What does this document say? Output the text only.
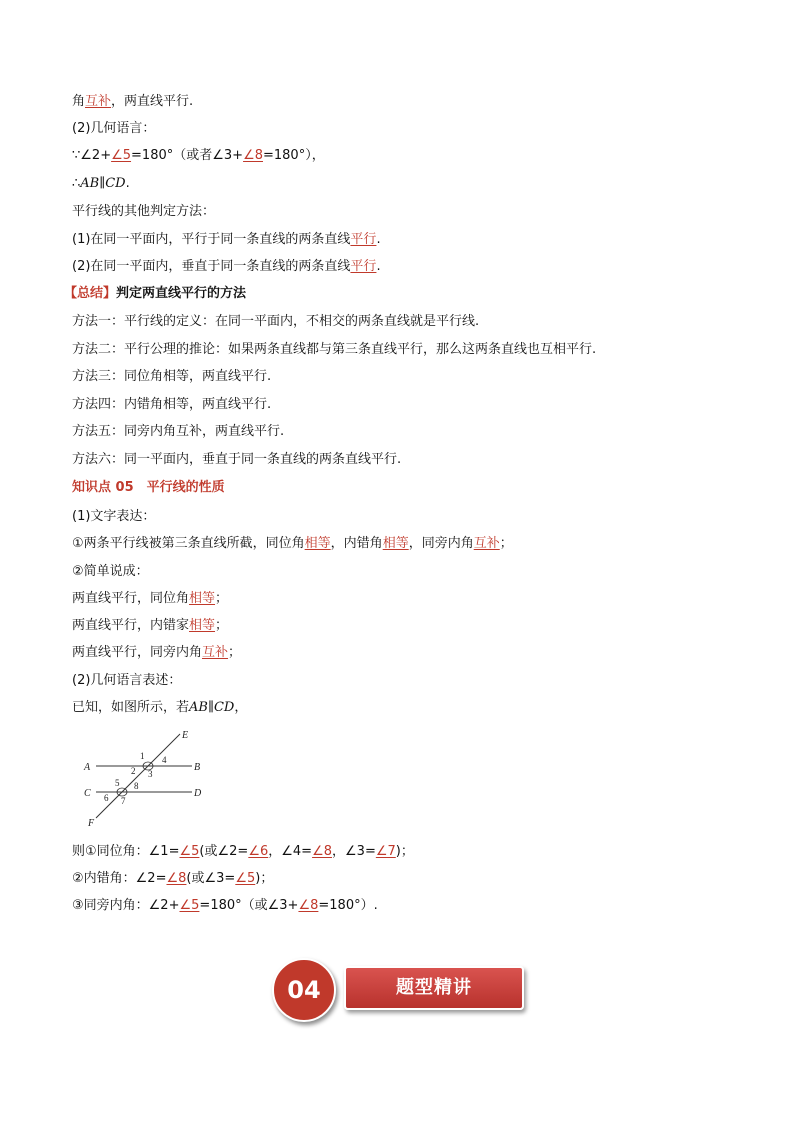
角互补，两直线平行.
(2)几何语言：
∵∠2+∠5=180°（或者∠3+∠8=180°），
∴AB∥CD.
平行线的其他判定方法：
(1)在同一平面内，平行于同一条直线的两条直线平行.
(2)在同一平面内，垂直于同一条直线的两条直线平行.
【总结】判定两直线平行的方法
方法一：平行线的定义：在同一平面内，不相交的两条直线就是平行线.
方法二：平行公理的推论：如果两条直线都与第三条直线平行，那么这两条直线也互相平行.
方法三：同位角相等，两直线平行.
方法四：内错角相等，两直线平行.
方法五：同旁内角互补，两直线平行.
方法六：同一平面内，垂直于同一条直线的两条直线平行.
知识点 05　平行线的性质
(1)文字表达：
①两条平行线被第三条直线所截，同位角相等，内错角相等，同旁内角互补；
②简单说成：
两直线平行，同位角相等；
两直线平行，内错家相等；
两直线平行，同旁内角互补；
(2)几何语言表述：
已知，如图所示，若AB∥CD，
A	B
C	D
E
F
1
2 3
4
5
6 7
8
则①同位角：∠1=∠5(或∠2=∠6，∠4=∠8，∠3=∠7)；
②内错角：∠2=∠8(或∠3=∠5)；
③同旁内角：∠2+∠5=180°（或∠3+∠8=180°）.
04	题型精讲
